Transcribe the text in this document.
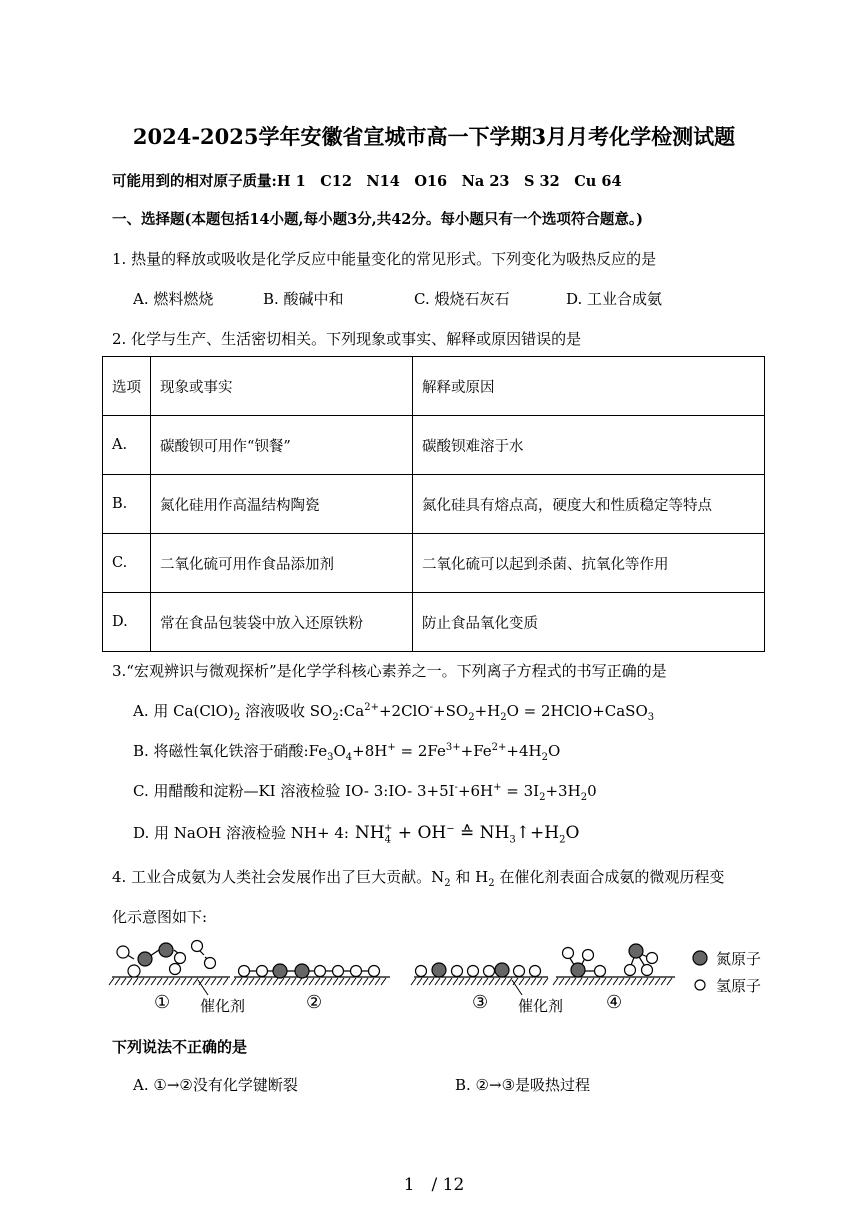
2024-2025学年安徽省宣城市高一下学期3月月考化学检测试题
可能用到的相对原子质量:H 1　C12　N14　O16　Na 23　S 32　Cu 64
一、选择题(本题包括14小题,每小题3分,共42分。每小题只有一个选项符合题意。)
1. 热量的释放或吸收是化学反应中能量变化的常见形式。下列变化为吸热反应的是
A. 燃料燃烧	B. 酸碱中和	C. 煅烧石灰石	D. 工业合成氨
2. 化学与生产、生活密切相关。下列现象或事实、解释或原因错误的是
选项	现象或事实	解释或原因
A.	碳酸钡可用作“钡餐”	碳酸钡难溶于水
B.	氮化硅用作高温结构陶瓷	氮化硅具有熔点高，硬度大和性质稳定等特点
C.	二氧化硫可用作食品添加剂	二氧化硫可以起到杀菌、抗氧化等作用
D.	常在食品包装袋中放入还原铁粉	防止食品氧化变质
3.“宏观辨识与微观探析”是化学学科核心素养之一。下列离子方程式的书写正确的是
A. 用 $Ca(ClO)_2$ 溶液吸收 $SO_2:Ca^{2+}+2ClO^-+SO_2+H_2O$ = 2HClO+CaSO$_3$
B. 将磁性氧化铁溶于硝酸$:Fe_3O_4+8H^+ = 2Fe^{3+}+Fe^{2+}+4H_2O$
C. 用醋酸和淀粉—KI 溶液检验 IO- 3:IO- $3+5I^-+6H^+ = 3I_2+3H_20$
D. 用 NaOH 溶液检验 NH+ 4: $NH_4^+ + OH^-$ ≙ $NH_3↑+H_2O$
4. 工业合成氨为人类社会发展作出了巨大贡献。$N_2$ 和 $H_2$ 在催化剂表面合成氨的微观历程变
化示意图如下:
① 催化剂	②	③ 催化剂 ④
氮原子
氢原子
下列说法不正确的是
A. ①→②没有化学键断裂	B. ②→③是吸热过程
1　/ 12
